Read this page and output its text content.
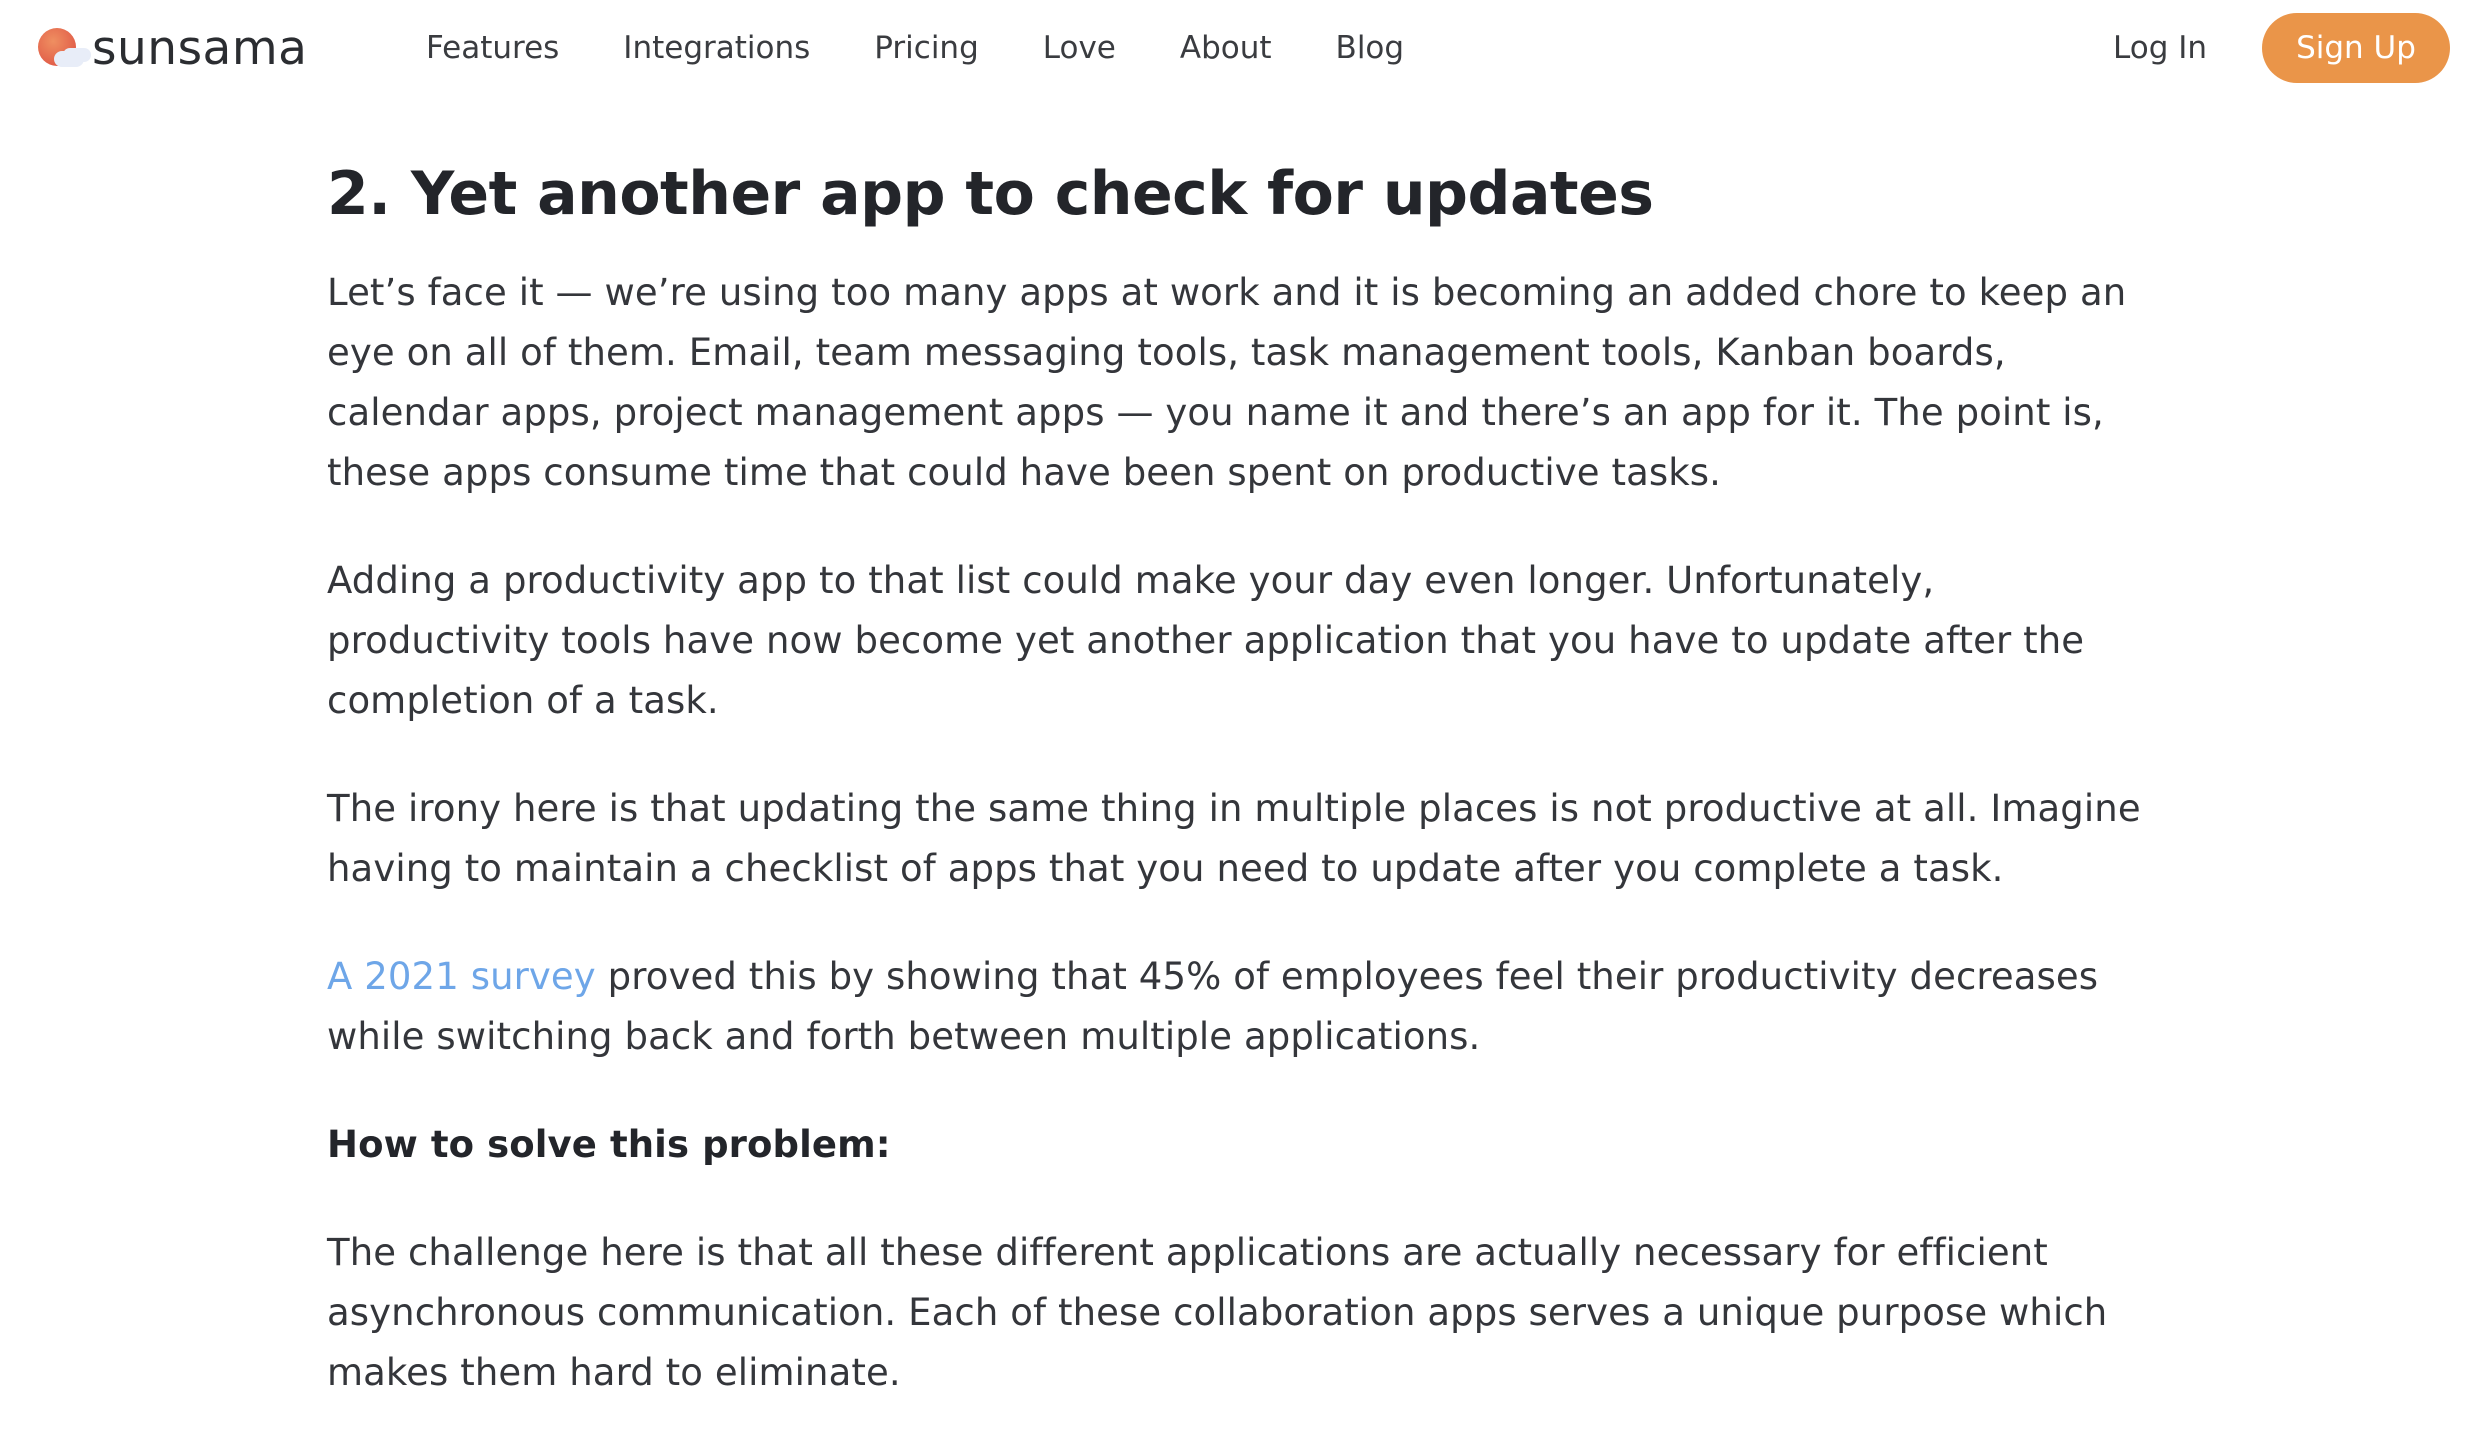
sunsama	Features Integrations Pricing Love About Blog	Log In	Sign Up
2. Yet another app to check for updates

Let’s face it — we’re using too many apps at work and it is becoming an added chore to keep an eye on all of them. Email, team messaging tools, task management tools, Kanban boards, calendar apps, project management apps — you name it and there’s an app for it. The point is, these apps consume time that could have been spent on productive tasks.

Adding a productivity app to that list could make your day even longer. Unfortunately, productivity tools have now become yet another application that you have to update after the completion of a task.

The irony here is that updating the same thing in multiple places is not productive at all. Imagine having to maintain a checklist of apps that you need to update after you complete a task.

A 2021 survey proved this by showing that 45% of employees feel their productivity decreases while switching back and forth between multiple applications.

How to solve this problem:

The challenge here is that all these different applications are actually necessary for efficient asynchronous communication. Each of these collaboration apps serves a unique purpose which makes them hard to eliminate.
